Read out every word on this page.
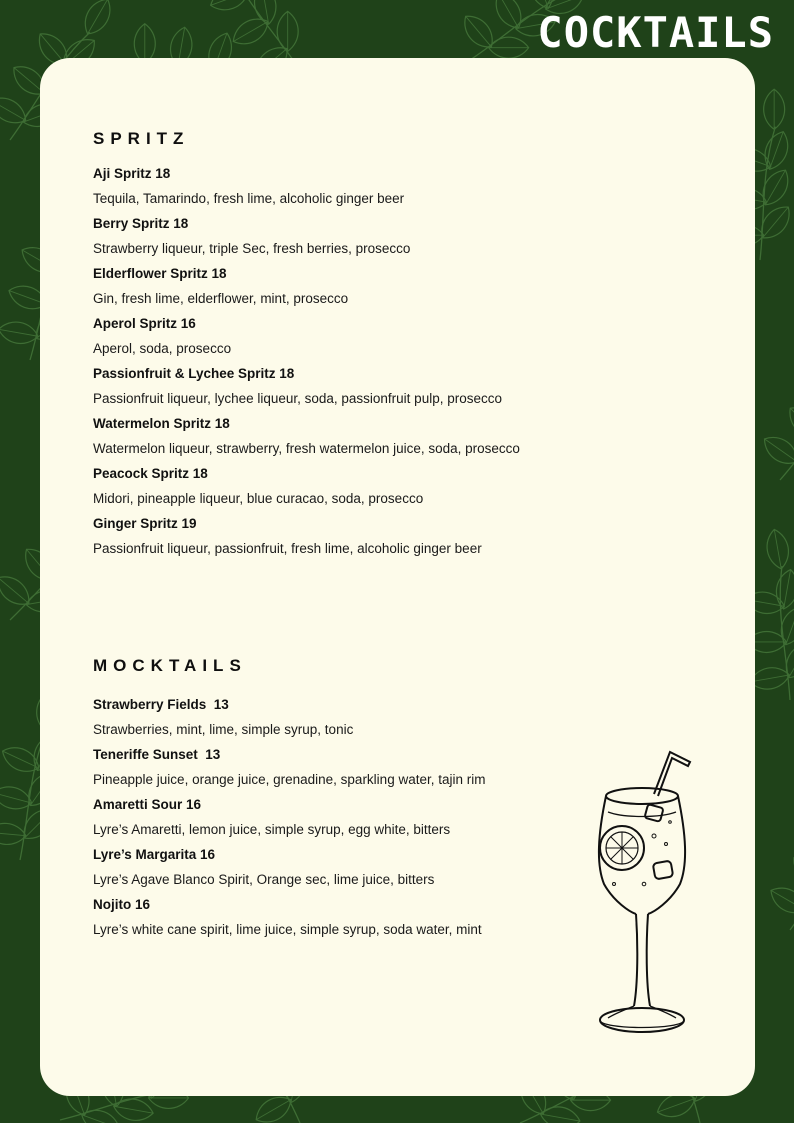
COCKTAILS
SPRITZ
Aji Spritz 18
Tequila, Tamarindo, fresh lime, alcoholic ginger beer
Berry Spritz 18
Strawberry liqueur, triple Sec, fresh berries, prosecco
Elderflower Spritz 18
Gin, fresh lime, elderflower, mint, prosecco
Aperol Spritz 16
Aperol, soda, prosecco
Passionfruit & Lychee Spritz 18
Passionfruit liqueur, lychee liqueur, soda, passionfruit pulp, prosecco
Watermelon Spritz 18
Watermelon liqueur, strawberry, fresh watermelon juice, soda, prosecco
Peacock Spritz 18
Midori, pineapple liqueur, blue curacao, soda, prosecco
Ginger Spritz 19
Passionfruit liqueur, passionfruit, fresh lime, alcoholic ginger beer
MOCKTAILS
Strawberry Fields  13
Strawberries, mint, lime, simple syrup, tonic
Teneriffe Sunset  13
Pineapple juice, orange juice, grenadine, sparkling water, tajin rim
Amaretti Sour 16
Lyre’s Amaretti, lemon juice, simple syrup, egg white, bitters
Lyre’s Margarita 16
Lyre’s Agave Blanco Spirit, Orange sec, lime juice, bitters
Nojito 16
Lyre’s white cane spirit, lime juice, simple syrup, soda water, mint
